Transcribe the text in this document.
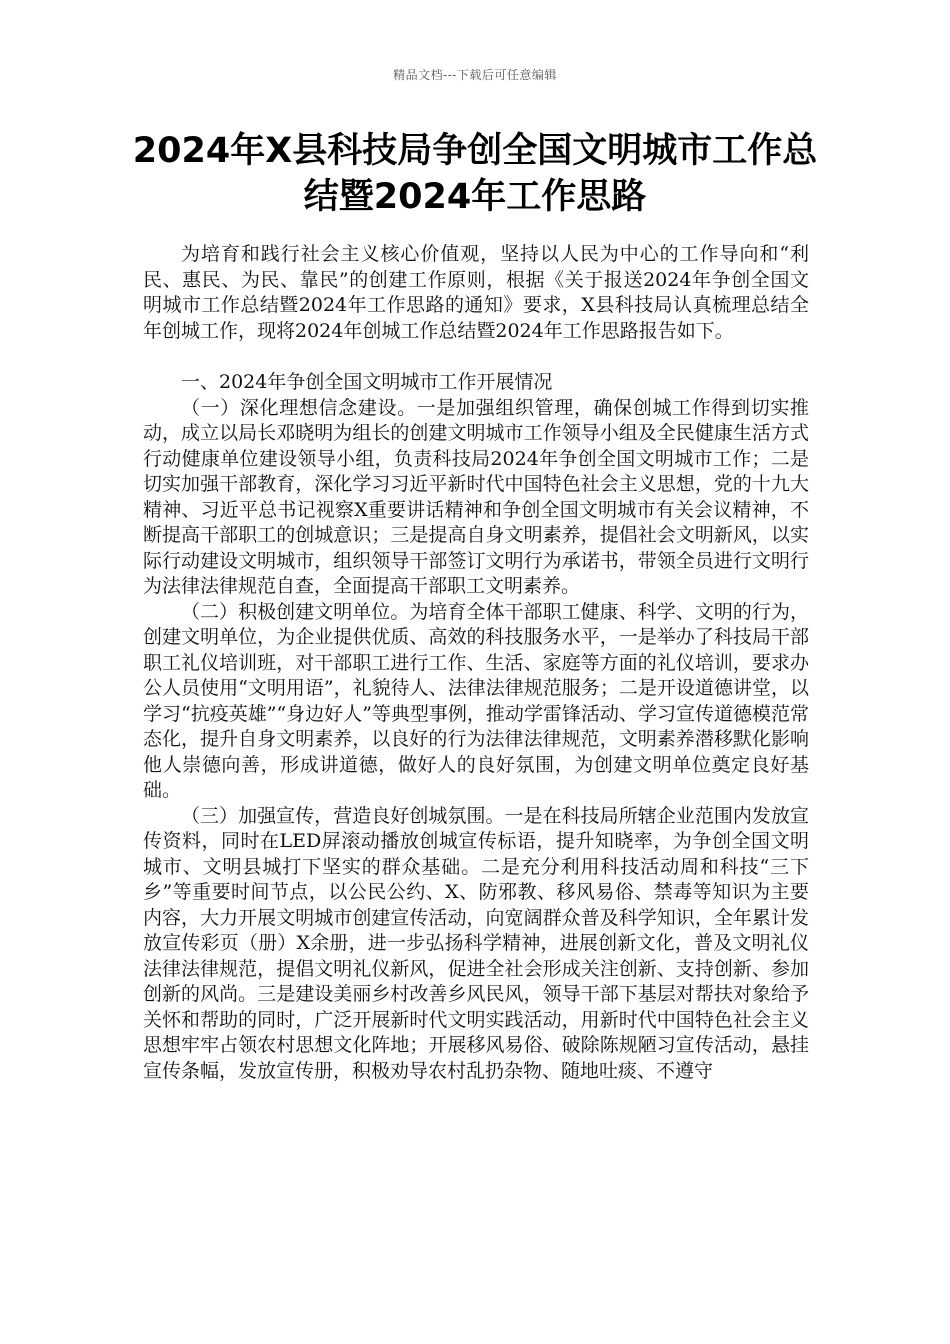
精品文档---下载后可任意编辑
2024年X县科技局争创全国文明城市工作总结暨2024年工作思路

为培育和践行社会主义核心价值观，坚持以人民为中心的工作导向和“利民、惠民、为民、靠民”的创建工作原则，根据《关于报送2024年争创全国文明城市工作总结暨2024年工作思路的通知》要求，X县科技局认真梳理总结全年创城工作，现将2024年创城工作总结暨2024年工作思路报告如下。

一、2024年争创全国文明城市工作开展情况

（一）深化理想信念建设。一是加强组织管理，确保创城工作得到切实推动，成立以局长邓晓明为组长的创建文明城市工作领导小组及全民健康生活方式行动健康单位建设领导小组，负责科技局2024年争创全国文明城市工作；二是切实加强干部教育，深化学习习近平新时代中国特色社会主义思想，党的十九大精神、习近平总书记视察X重要讲话精神和争创全国文明城市有关会议精神，不断提高干部职工的创城意识；三是提高自身文明素养，提倡社会文明新风，以实际行动建设文明城市，组织领导干部签订文明行为承诺书，带领全员进行文明行为法律法律规范自查，全面提高干部职工文明素养。

（二）积极创建文明单位。为培育全体干部职工健康、科学、文明的行为，创建文明单位，为企业提供优质、高效的科技服务水平，一是举办了科技局干部职工礼仪培训班，对干部职工进行工作、生活、家庭等方面的礼仪培训，要求办公人员使用“文明用语”，礼貌待人、法律法律规范服务；二是开设道德讲堂，以学习“抗疫英雄”“身边好人”等典型事例，推动学雷锋活动、学习宣传道德模范常态化，提升自身文明素养，以良好的行为法律法律规范，文明素养潜移默化影响他人崇德向善，形成讲道德，做好人的良好氛围，为创建文明单位奠定良好基础。

（三）加强宣传，营造良好创城氛围。一是在科技局所辖企业范围内发放宣传资料，同时在LED屏滚动播放创城宣传标语，提升知晓率，为争创全国文明城市、文明县城打下坚实的群众基础。二是充分利用科技活动周和科技“三下乡”等重要时间节点，以公民公约、X、防邪教、移风易俗、禁毒等知识为主要内容，大力开展文明城市创建宣传活动，向宽阔群众普及科学知识，全年累计发放宣传彩页（册）X余册，进一步弘扬科学精神，进展创新文化，普及文明礼仪法律法律规范，提倡文明礼仪新风，促进全社会形成关注创新、支持创新、参加创新的风尚。三是建设美丽乡村改善乡风民风，领导干部下基层对帮扶对象给予关怀和帮助的同时，广泛开展新时代文明实践活动，用新时代中国特色社会主义思想牢牢占领农村思想文化阵地；开展移风易俗、破除陈规陋习宣传活动，悬挂宣传条幅，发放宣传册，积极劝导农村乱扔杂物、随地吐痰、不遵守
